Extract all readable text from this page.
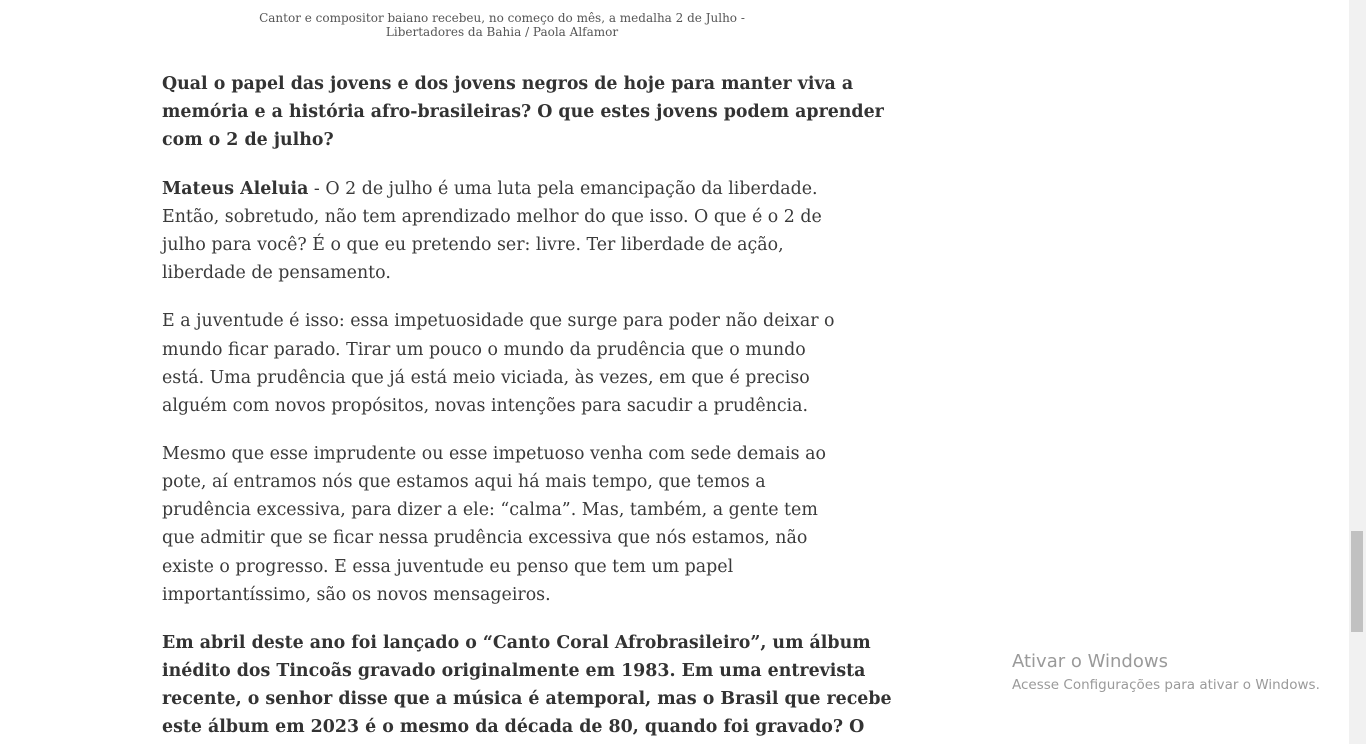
Cantor e compositor baiano recebeu, no começo do mês, a medalha 2 de Julho -
Libertadores da Bahia / Paola Alfamor

Qual o papel das jovens e dos jovens negros de hoje para manter viva a
memória e a história afro-brasileiras? O que estes jovens podem aprender
com o 2 de julho?

Mateus Aleluia - O 2 de julho é uma luta pela emancipação da liberdade.
Então, sobretudo, não tem aprendizado melhor do que isso. O que é o 2 de
julho para você? É o que eu pretendo ser: livre. Ter liberdade de ação,
liberdade de pensamento.

E a juventude é isso: essa impetuosidade que surge para poder não deixar o
mundo ficar parado. Tirar um pouco o mundo da prudência que o mundo
está. Uma prudência que já está meio viciada, às vezes, em que é preciso
alguém com novos propósitos, novas intenções para sacudir a prudência.

Mesmo que esse imprudente ou esse impetuoso venha com sede demais ao
pote, aí entramos nós que estamos aqui há mais tempo, que temos a
prudência excessiva, para dizer a ele: “calma”. Mas, também, a gente tem
que admitir que se ficar nessa prudência excessiva que nós estamos, não
existe o progresso. E essa juventude eu penso que tem um papel
importantíssimo, são os novos mensageiros.

Em abril deste ano foi lançado o “Canto Coral Afrobrasileiro”, um álbum
inédito dos Tincoãs gravado originalmente em 1983. Em uma entrevista
recente, o senhor disse que a música é atemporal, mas o Brasil que recebe
este álbum em 2023 é o mesmo da década de 80, quando foi gravado? O

Ativar o Windows
Acesse Configurações para ativar o Windows.
